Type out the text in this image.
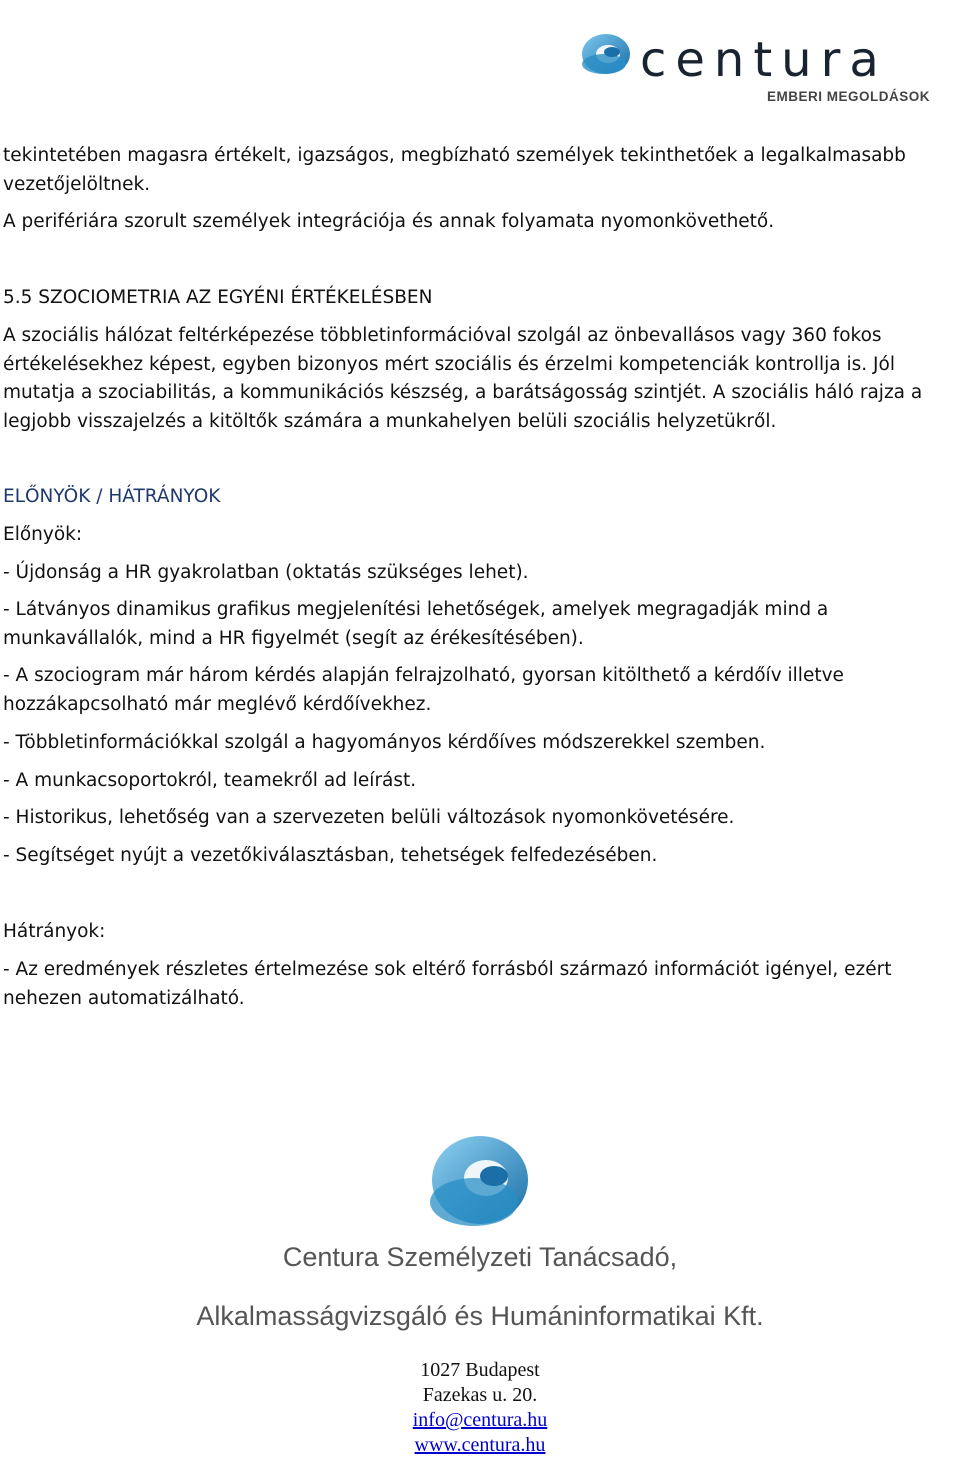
centura
EMBERI MEGOLDÁSOK

tekintetében magasra értékelt, igazságos, megbízható személyek tekinthetőek a legalkalmasabb vezetőjelöltnek.

A perifériára szorult személyek integrációja és annak folyamata nyomonkövethető.

5.5 SZOCIOMETRIA AZ EGYÉNI ÉRTÉKELÉSBEN

A szociális hálózat feltérképezése többletinformációval szolgál az önbevallásos vagy 360 fokos értékelésekhez képest, egyben bizonyos mért szociális és érzelmi kompetenciák kontrollja is. Jól mutatja a szociabilitás, a kommunikációs készség, a barátságosság szintjét. A szociális háló rajza a legjobb visszajelzés a kitöltők számára a munkahelyen belüli szociális helyzetükről.

ELŐNYÖK / HÁTRÁNYOK

Előnyök:

- Újdonság a HR gyakrolatban (oktatás szükséges lehet).

- Látványos dinamikus grafikus megjelenítési lehetőségek, amelyek megragadják mind a munkavállalók, mind a HR figyelmét (segít az érékesítésében).

- A szociogram már három kérdés alapján felrajzolható, gyorsan kitölthető a kérdőív illetve hozzákapcsolható már meglévő kérdőívekhez.

- Többletinformációkkal szolgál a hagyományos kérdőíves módszerekkel szemben.

- A munkacsoportokról, teamekről ad leírást.

- Historikus, lehetőség van a szervezeten belüli változások nyomonkövetésére.

- Segítséget nyújt a vezetőkiválasztásban, tehetségek felfedezésében.

Hátrányok:

- Az eredmények részletes értelmezése sok eltérő forrásból származó információt igényel, ezért nehezen automatizálható.

Centura Személyzeti Tanácsadó,
Alkalmasságvizsgáló és Humáninformatikai Kft.
1027 Budapest
Fazekas u. 20.
info@centura.hu
www.centura.hu
